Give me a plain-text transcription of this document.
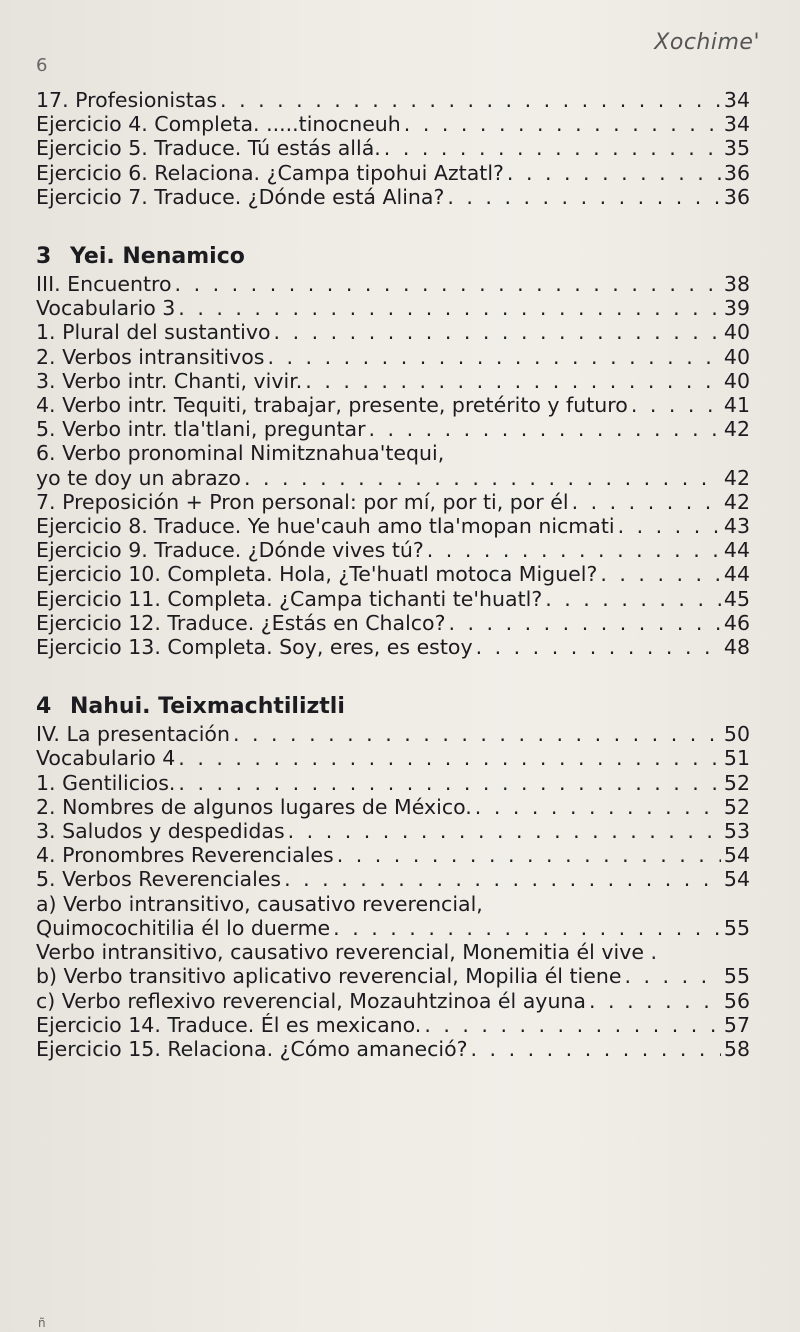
Xochime'
6
17. Profesionistas . . .	34
Ejercicio 4. Completa. .....tinocneuh . . .	34
Ejercicio 5. Traduce. Tú estás allá. . . .	35
Ejercicio 6. Relaciona. ¿Campa tipohui Aztatl? . . .	36
Ejercicio 7. Traduce. ¿Dónde está Alina? . . .	36
3 Yei. Nenamico
III. Encuentro . . .	38
Vocabulario 3 . . .	39
1. Plural del sustantivo . . .	40
2. Verbos intransitivos . . .	40
3. Verbo intr. Chanti, vivir. . . .	40
4. Verbo intr. Tequiti, trabajar, presente, pretérito y futuro . . .	41
5. Verbo intr. tla'tlani, preguntar . . .	42
6. Verbo pronominal Nimitznahua'tequi,
yo te doy un abrazo . . .	42
7. Preposición + Pron personal: por mí, por ti, por él . . .	42
Ejercicio 8. Traduce. Ye hue'cauh amo tla'mopan nicmati . . .	43
Ejercicio 9. Traduce. ¿Dónde vives tú? . . .	44
Ejercicio 10. Completa. Hola, ¿Te'huatl motoca Miguel? . . .	44
Ejercicio 11. Completa. ¿Campa tichanti te'huatl? . . .	45
Ejercicio 12. Traduce. ¿Estás en Chalco? . . .	46
Ejercicio 13. Completa. Soy, eres, es estoy . . .	48
4 Nahui. Teixmachtiliztli
IV. La presentación . . .	50
Vocabulario 4 . . .	51
1. Gentilicios. . . .	52
2. Nombres de algunos lugares de México. . . .	52
3. Saludos y despedidas . . .	53
4. Pronombres Reverenciales . . .	54
5. Verbos Reverenciales . . .	54
a) Verbo intransitivo, causativo reverencial,
Quimocochitilia él lo duerme . . .	55
Verbo intransitivo, causativo reverencial, Monemitia él vive .
b) Verbo transitivo aplicativo reverencial, Mopilia él tiene . . .	55
c) Verbo reflexivo reverencial, Mozauhtzinoa él ayuna . . .	56
Ejercicio 14. Traduce. Él es mexicano. . . .	57
Ejercicio 15. Relaciona. ¿Cómo amaneció? . . .	58
ñ
